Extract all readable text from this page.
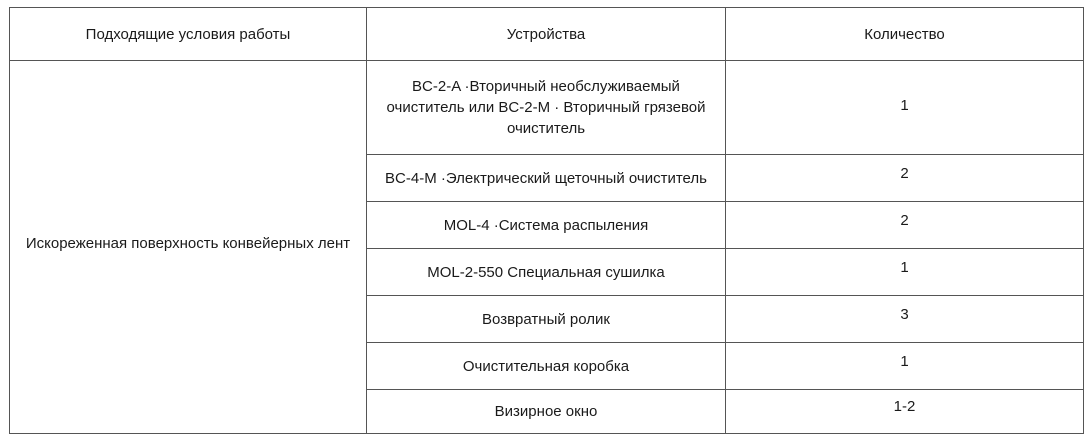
Подходящие условия работы	Устройства	Количество
Искореженная поверхность конвейерных лент	BC-2-A ·Вторичный необслуживаемый очиститель или BC-2-M · Вторичный грязевой очиститель	1
	BC-4-M ·Электрический щеточный очиститель	2
	MOL-4 ·Система распыления	2
	MOL-2-550 Специальная сушилка	1
	Возвратный ролик	3
	Очистительная коробка	1
	Визирное окно	1-2
